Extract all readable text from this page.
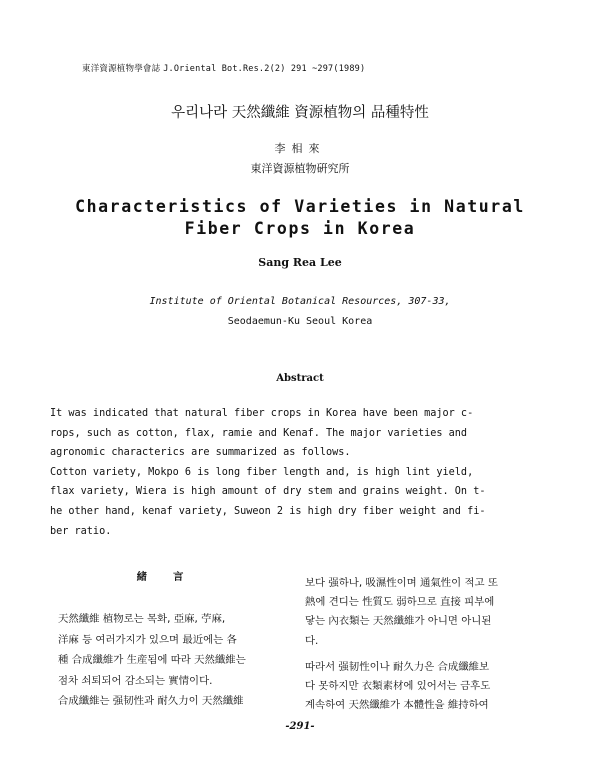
東洋資源植物學會誌 J.Oriental Bot.Res.2(2) 291 ~297(1989)
우리나라 天然纖維 資源植物의 品種特性
李相來
東洋資源植物硏究所
Characteristics of Varieties in Natural
Fiber Crops in Korea
Sang Rea Lee
Institute of Oriental Botanical Resources, 307-33,
Seodaemun-Ku Seoul Korea
Abstract
It was indicated that natural fiber crops in Korea have been major c-
rops, such as cotton, flax, ramie and Kenaf. The major varieties and
agronomic characterics are summarized as follows.
Cotton variety, Mokpo 6 is long fiber length and, is high lint yield,
flax variety, Wiera is high amount of dry stem and grains weight. On t-
he other hand, kenaf variety, Suweon 2 is high dry fiber weight and fi-
ber ratio.
緒言
天然纖維 植物로는 목화, 亞麻, 苧麻,
洋麻 등 여러가지가 있으며 最近에는 各
種 合成纖維가 生産됨에 따라 天然纖維는
점차 쇠퇴되어 감소되는 實情이다.
合成纖維는 强韧性과 耐久力이 天然纖維
보다 强하나, 吸濕性이며 通氣性이 적고 또
熱에 견디는 性質도 弱하므로 直接 피부에
닿는 內衣類는 天然纖維가 아니면 아니된
다.
따라서 强韧性이나 耐久力은 合成纖維보
다 못하지만 衣類素材에 있어서는 금후도
계속하여 天然纖維가 本體性을 維持하여
-291-
